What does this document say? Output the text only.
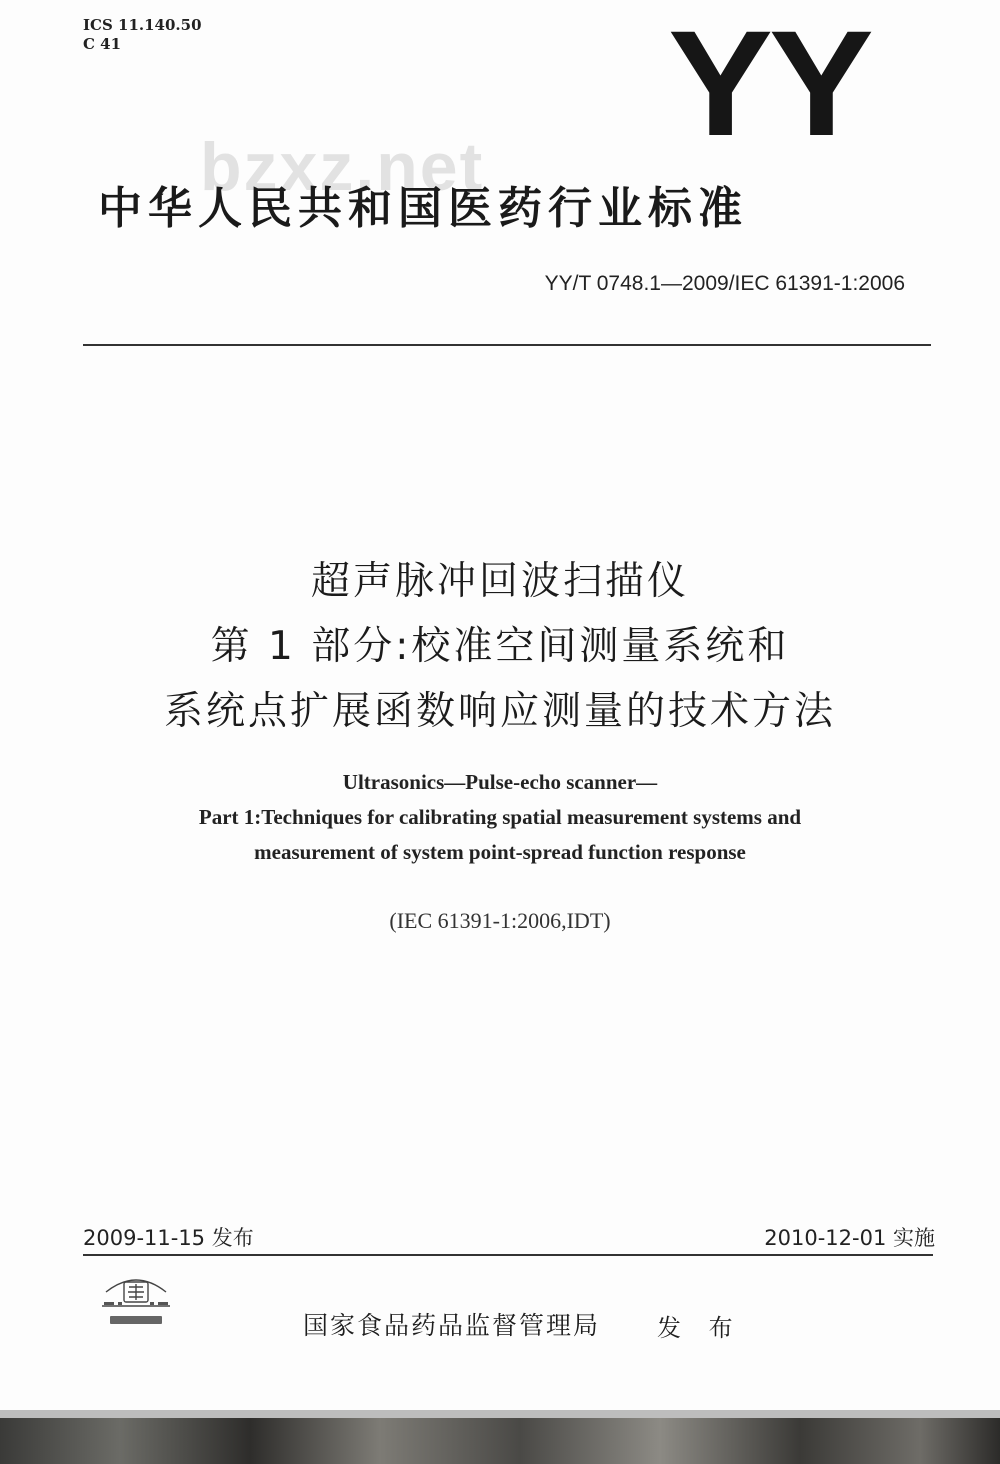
ICS 11.140.50
C 41	YY
bzxz.net
中华人民共和国医药行业标准
YY/T 0748.1—2009/IEC 61391-1:2006
超声脉冲回波扫描仪
第 1 部分:校准空间测量系统和
系统点扩展函数响应测量的技术方法
Ultrasonics—Pulse-echo scanner—
Part 1:Techniques for calibrating spatial measurement systems and
measurement of system point-spread function response
(IEC 61391-1:2006,IDT)
2009-11-15 发布	2010-12-01 实施
国家食品药品监督管理局 发 布
